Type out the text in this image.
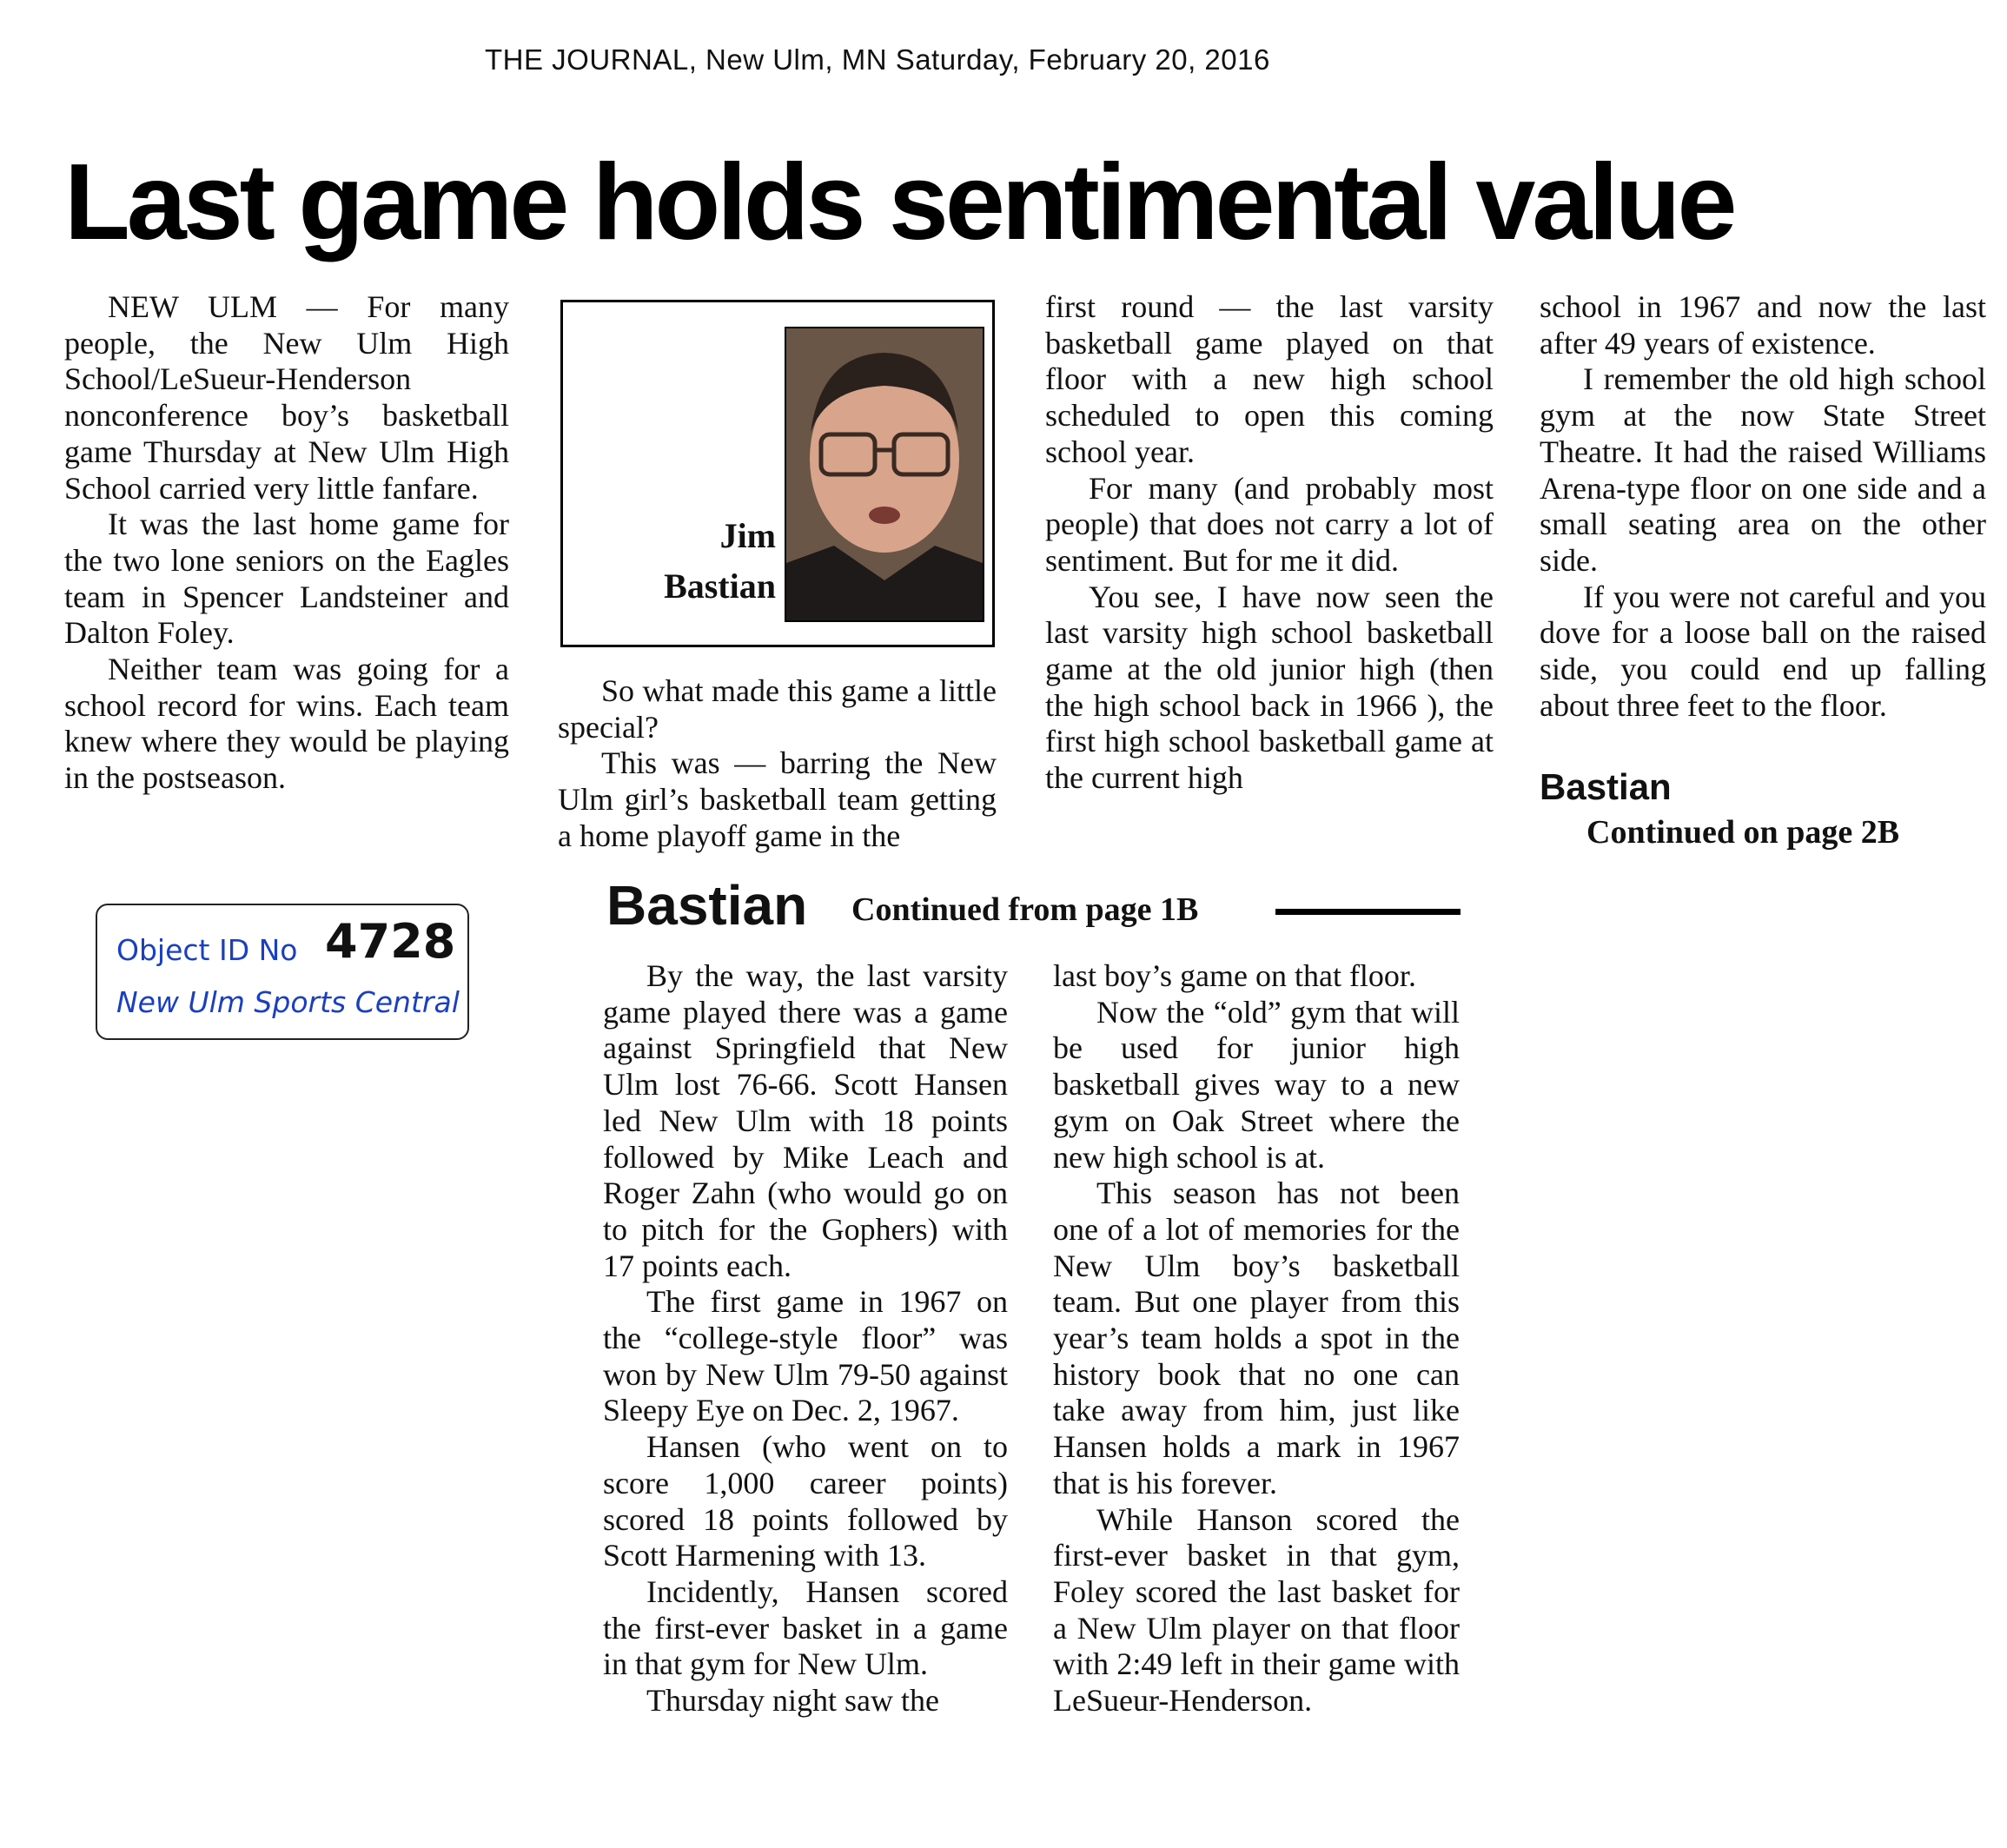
THE JOURNAL, New Ulm, MN Saturday, February 20, 2016
Last game holds sentimental value

NEW ULM — For many people, the New Ulm High School/LeSueur-Henderson nonconference boy’s basketball game Thursday at New Ulm High School carried very little fanfare.

It was the last home game for the two lone seniors on the Eagles team in Spencer Landsteiner and Dalton Foley.

Neither team was going for a school record for wins. Each team knew where they would be playing in the postseason.

Jim
Bastian

So what made this game a little special?

This was — barring the New Ulm girl’s basketball team getting a home playoff game in the

first round — the last varsity basketball game played on that floor with a new high school scheduled to open this coming school year.

For many (and probably most people) that does not carry a lot of sentiment. But for me it did.

You see, I have now seen the last varsity high school basketball game at the old junior high (then the high school back in 1966 ), the first high school basketball game at the current high

school in 1967 and now the last after 49 years of existence.

I remember the old high school gym at the now State Street Theatre. It had the raised Williams Arena-type floor on one side and a small seating area on the other side.

If you were not careful and you dove for a loose ball on the raised side, you could end up falling about three feet to the floor.

Bastian
Continued on page 2B
Object ID No 4728
New Ulm Sports Central
Bastian	Continued from page 1B

By the way, the last varsity game played there was a game against Springfield that New Ulm lost 76-66. Scott Hansen led New Ulm with 18 points followed by Mike Leach and Roger Zahn (who would go on to pitch for the Gophers) with 17 points each.

The first game in 1967 on the “college-style floor” was won by New Ulm 79-50 against Sleepy Eye on Dec. 2, 1967.

Hansen (who went on to score 1,000 career points) scored 18 points followed by Scott Harmening with 13.

Incidently, Hansen scored the first-ever basket in a game in that gym for New Ulm.

Thursday night saw the

last boy’s game on that floor.

Now the “old” gym that will be used for junior high basketball gives way to a new gym on Oak Street where the new high school is at.

This season has not been one of a lot of memories for the New Ulm boy’s basketball team. But one player from this year’s team holds a spot in the history book that no one can take away from him, just like Hansen holds a mark in 1967 that is his forever.

While Hanson scored the first-ever basket in that gym, Foley scored the last basket for a New Ulm player on that floor with 2:49 left in their game with LeSueur-Henderson.
